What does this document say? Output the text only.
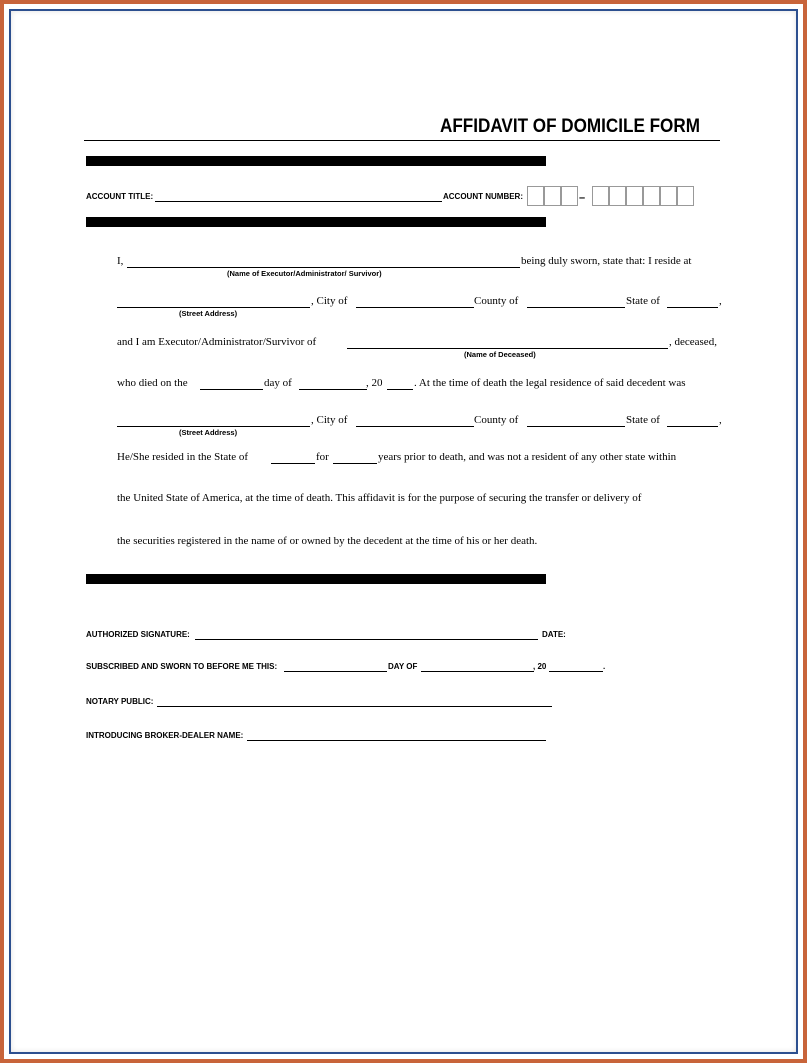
AFFIDAVIT OF DOMICILE FORM
I. ACCOUNT INFORMATION
ACCOUNT TITLE:	ACCOUNT NUMBER:	–
II. DECEDENT'S INFORMATION
I,	being duly sworn, state that: I reside at
(Name of Executor/Administrator/ Survivor)
, City of	County of	State of	,
(Street Address)
and I am Executor/Administrator/Survivor of	, deceased,
(Name of Deceased)
who died on the	day of	, 20	. At the time of death the legal residence of said decedent was
, City of	County of	State of	,
(Street Address)
He/She resided in the State of	for	years prior to death, and was not a resident of any other state within
the United State of America, at the time of death. This affidavit is for the purpose of securing the transfer or delivery of
the securities registered in the name of or owned by the decedent at the time of his or her death.
III. SIGNATURE
AUTHORIZED SIGNATURE:	DATE:
SUBSCRIBED AND SWORN TO BEFORE ME THIS:	DAY OF	, 20	.
NOTARY PUBLIC:
INTRODUCING BROKER-DEALER NAME:
